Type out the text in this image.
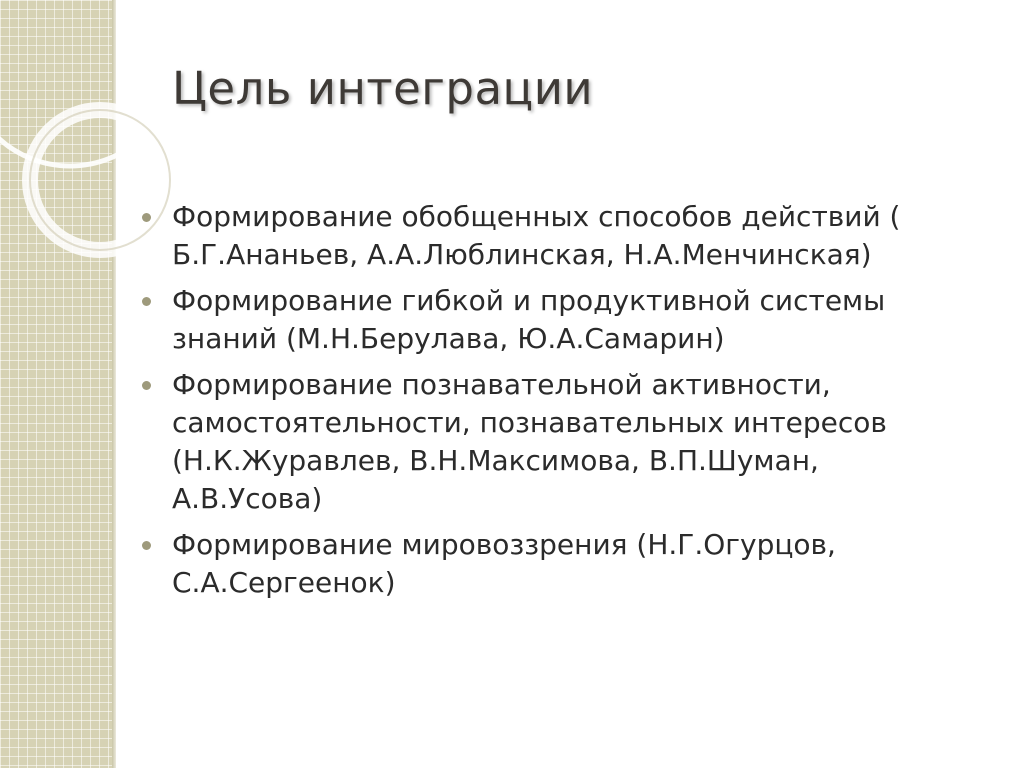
Цель интеграции
Формирование обобщенных способов действий ( Б.Г.Ананьев, А.А.Люблинская, Н.А.Менчинская)
Формирование гибкой и продуктивной системы знаний (М.Н.Берулава, Ю.А.Самарин)
Формирование познавательной активности, самостоятельности, познавательных интересов (Н.К.Журавлев, В.Н.Максимова, В.П.Шуман, А.В.Усова)
Формирование мировоззрения (Н.Г.Огурцов, С.А.Сергеенок)
